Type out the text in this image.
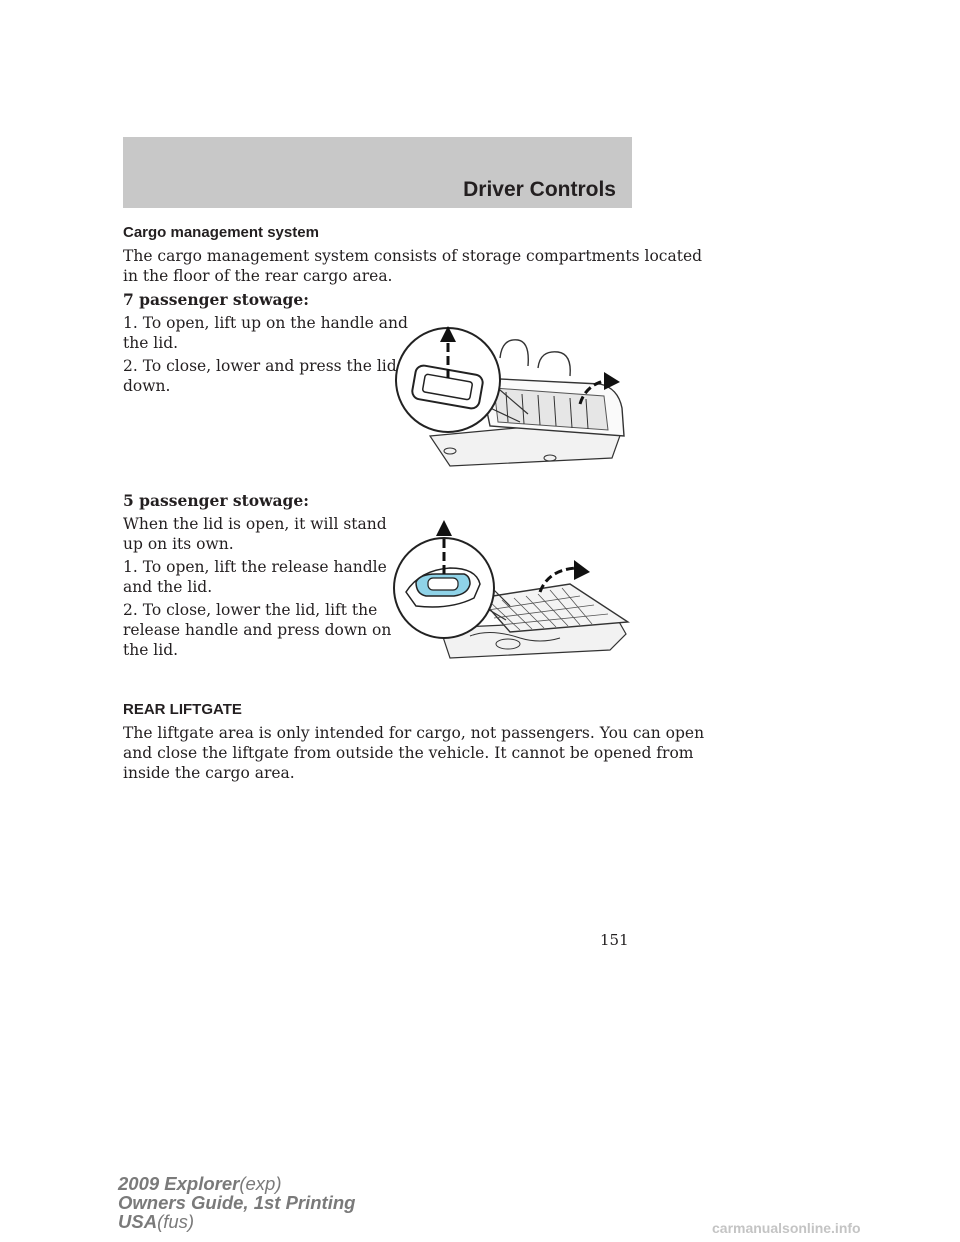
Driver Controls
Cargo management system
The cargo management system consists of storage compartments located
in the floor of the rear cargo area.
7 passenger stowage:
1. To open, lift up on the handle and
the lid.
2. To close, lower and press the lid
down.
5 passenger stowage:
When the lid is open, it will stand
up on its own.
1. To open, lift the release handle
and the lid.
2. To close, lower the lid, lift the
release handle and press down on
the lid.
REAR LIFTGATE
The liftgate area is only intended for cargo, not passengers. You can open
and close the liftgate from outside the vehicle. It cannot be opened from
inside the cargo area.
151
2009 Explorer(exp)
Owners Guide, 1st Printing
USA(fus)	carmanualsonline.info
